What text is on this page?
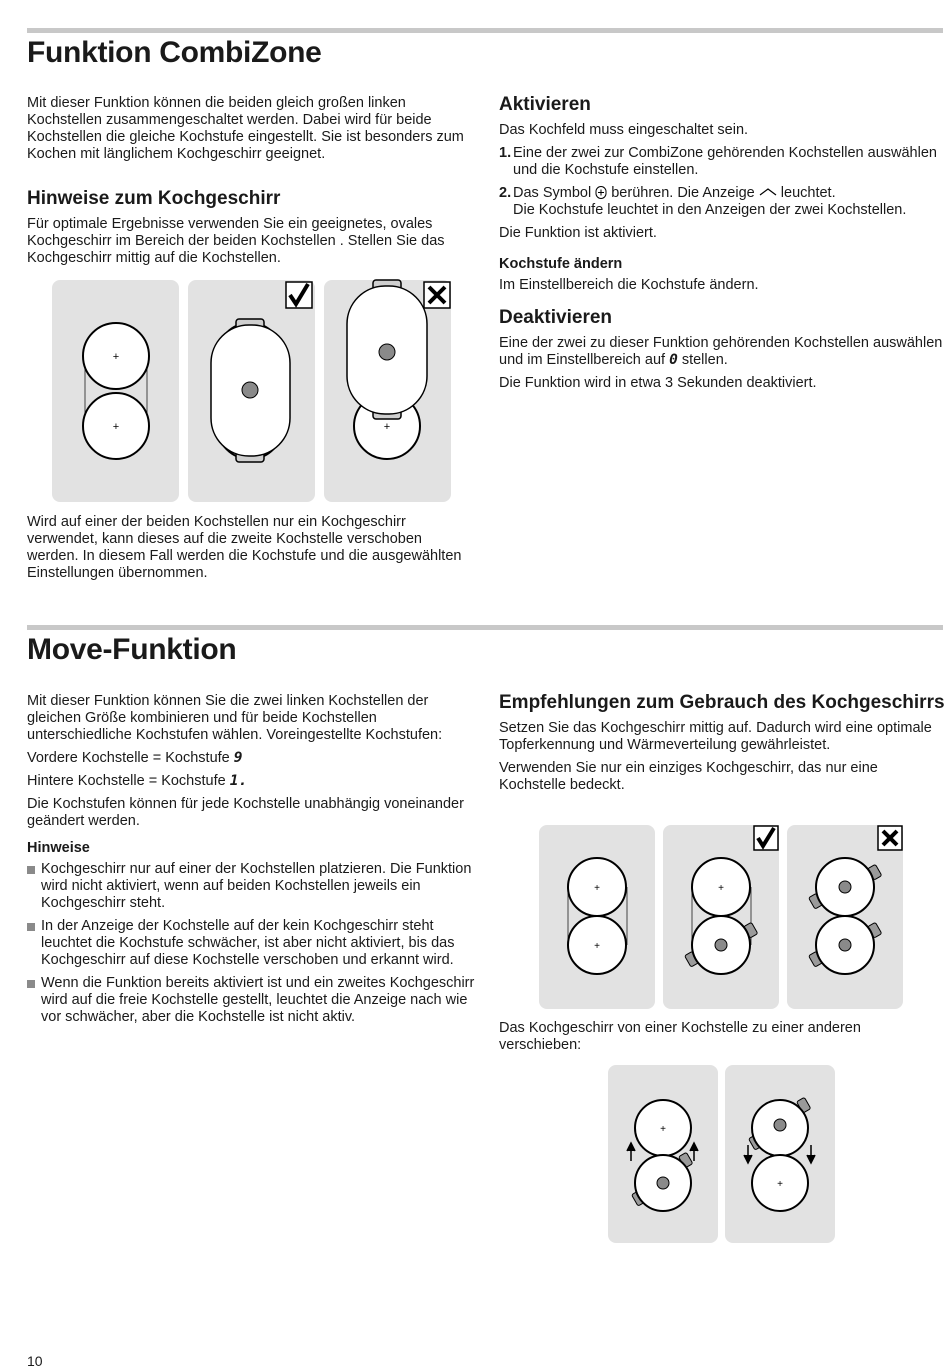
Funktion CombiZone

Mit dieser Funktion können die beiden gleich großen linken Kochstellen zusammengeschaltet werden. Dabei wird für beide Kochstellen die gleiche Kochstufe eingestellt. Sie ist besonders zum Kochen mit länglichem Kochgeschirr geeignet.

Hinweise zum Kochgeschirr

Für optimale Ergebnisse verwenden Sie ein geeignetes, ovales Kochgeschirr im Bereich der beiden Kochstellen . Stellen Sie das Kochgeschirr mittig auf die Kochstellen.

+
+	+

Wird auf einer der beiden Kochstellen nur ein Kochgeschirr verwendet, kann dieses auf die zweite Kochstelle verschoben werden. In diesem Fall werden die Kochstufe und die ausgewählten Einstellungen übernommen.

Aktivieren

Das Kochfeld muss eingeschaltet sein.

1. Eine der zwei zur CombiZone gehörenden Kochstellen auswählen und die Kochstufe einstellen.
2. Das Symbol berühren. Die Anzeige leuchtet.
Die Kochstufe leuchtet in den Anzeigen der zwei Kochstellen.

Die Funktion ist aktiviert.

Kochstufe ändern

Im Einstellbereich die Kochstufe ändern.

Deaktivieren

Eine der zwei zu dieser Funktion gehörenden Kochstellen auswählen und im Einstellbereich auf 0 stellen.

Die Funktion wird in etwa 3 Sekunden deaktiviert.

Move-Funktion

Mit dieser Funktion können Sie die zwei linken Kochstellen der gleichen Größe kombinieren und für beide Kochstellen unterschiedliche Kochstufen wählen. Voreingestellte Kochstufen:

Vordere Kochstelle = Kochstufe 9

Hintere Kochstelle = Kochstufe 1.

Die Kochstufen können für jede Kochstelle unabhängig voneinander geändert werden.

Hinweise
Kochgeschirr nur auf einer der Kochstellen platzieren. Die Funktion wird nicht aktiviert, wenn auf beiden Kochstellen jeweils ein Kochgeschirr steht.
In der Anzeige der Kochstelle auf der kein Kochgeschirr steht leuchtet die Kochstufe schwächer, ist aber nicht aktiviert, bis das Kochgeschirr auf diese Kochstelle verschoben und erkannt wird.
Wenn die Funktion bereits aktiviert ist und ein zweites Kochgeschirr wird auf die freie Kochstelle gestellt, leuchtet die Anzeige nach wie vor schwächer, aber die Kochstelle ist nicht aktiv.
Empfehlungen zum Gebrauch des Kochgeschirrs

Setzen Sie das Kochgeschirr mittig auf. Dadurch wird eine optimale Topferkennung und Wärmeverteilung gewährleistet.

Verwenden Sie nur ein einziges Kochgeschirr, das nur eine Kochstelle bedeckt.

+
+
+

Das Kochgeschirr von einer Kochstelle zu einer anderen verschieben:

+
+
10
